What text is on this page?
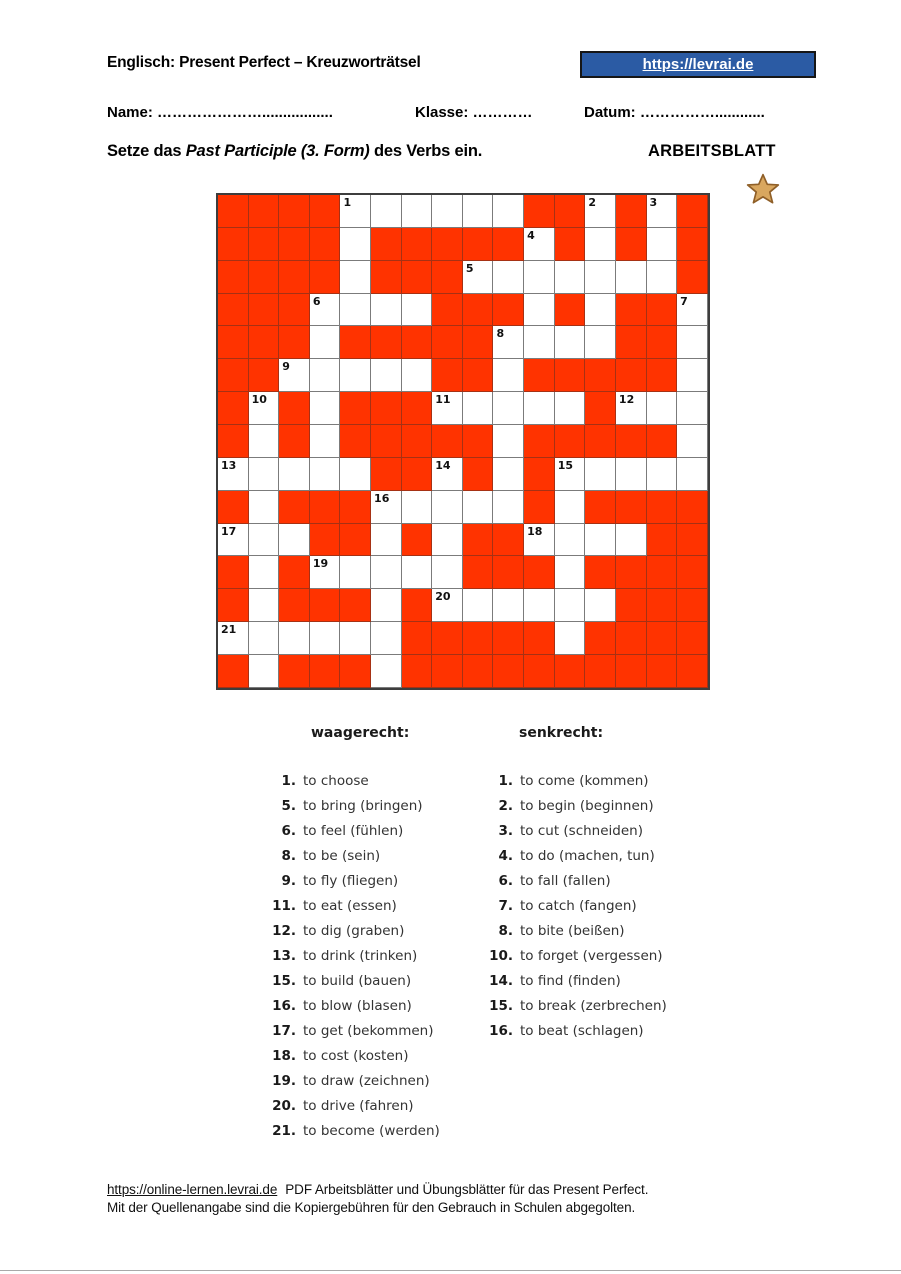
Englisch: Present Perfect – Kreuzworträtsel	https://levrai.de
Name: ………………….................	Klasse: …………	Datum: ……………............
Setze das Past Participle (3. Form) des Verbs ein.	ARBEITSBLATT
1	2	3
4
5
6	7
8
9
10	11	12
13	14	15
16
17	18
19
20
21
waagerecht:	senkrecht:
1. to choose
5. to bring (bringen)
6. to feel (fühlen)
8. to be (sein)
9. to fly (fliegen)
11. to eat (essen)
12. to dig (graben)
13. to drink (trinken)
15. to build (bauen)
16. to blow (blasen)
17. to get (bekommen)
18. to cost (kosten)
19. to draw (zeichnen)
20. to drive (fahren)
21. to become (werden)
1. to come (kommen)
2. to begin (beginnen)
3. to cut (schneiden)
4. to do (machen, tun)
6. to fall (fallen)
7. to catch (fangen)
8. to bite (beißen)
10. to forget (vergessen)
14. to find (finden)
15. to break (zerbrechen)
16. to beat (schlagen)
https://online-lernen.levrai.de PDF Arbeitsblätter und Übungsblätter für das Present Perfect.
Mit der Quellenangabe sind die Kopiergebühren für den Gebrauch in Schulen abgegolten.
